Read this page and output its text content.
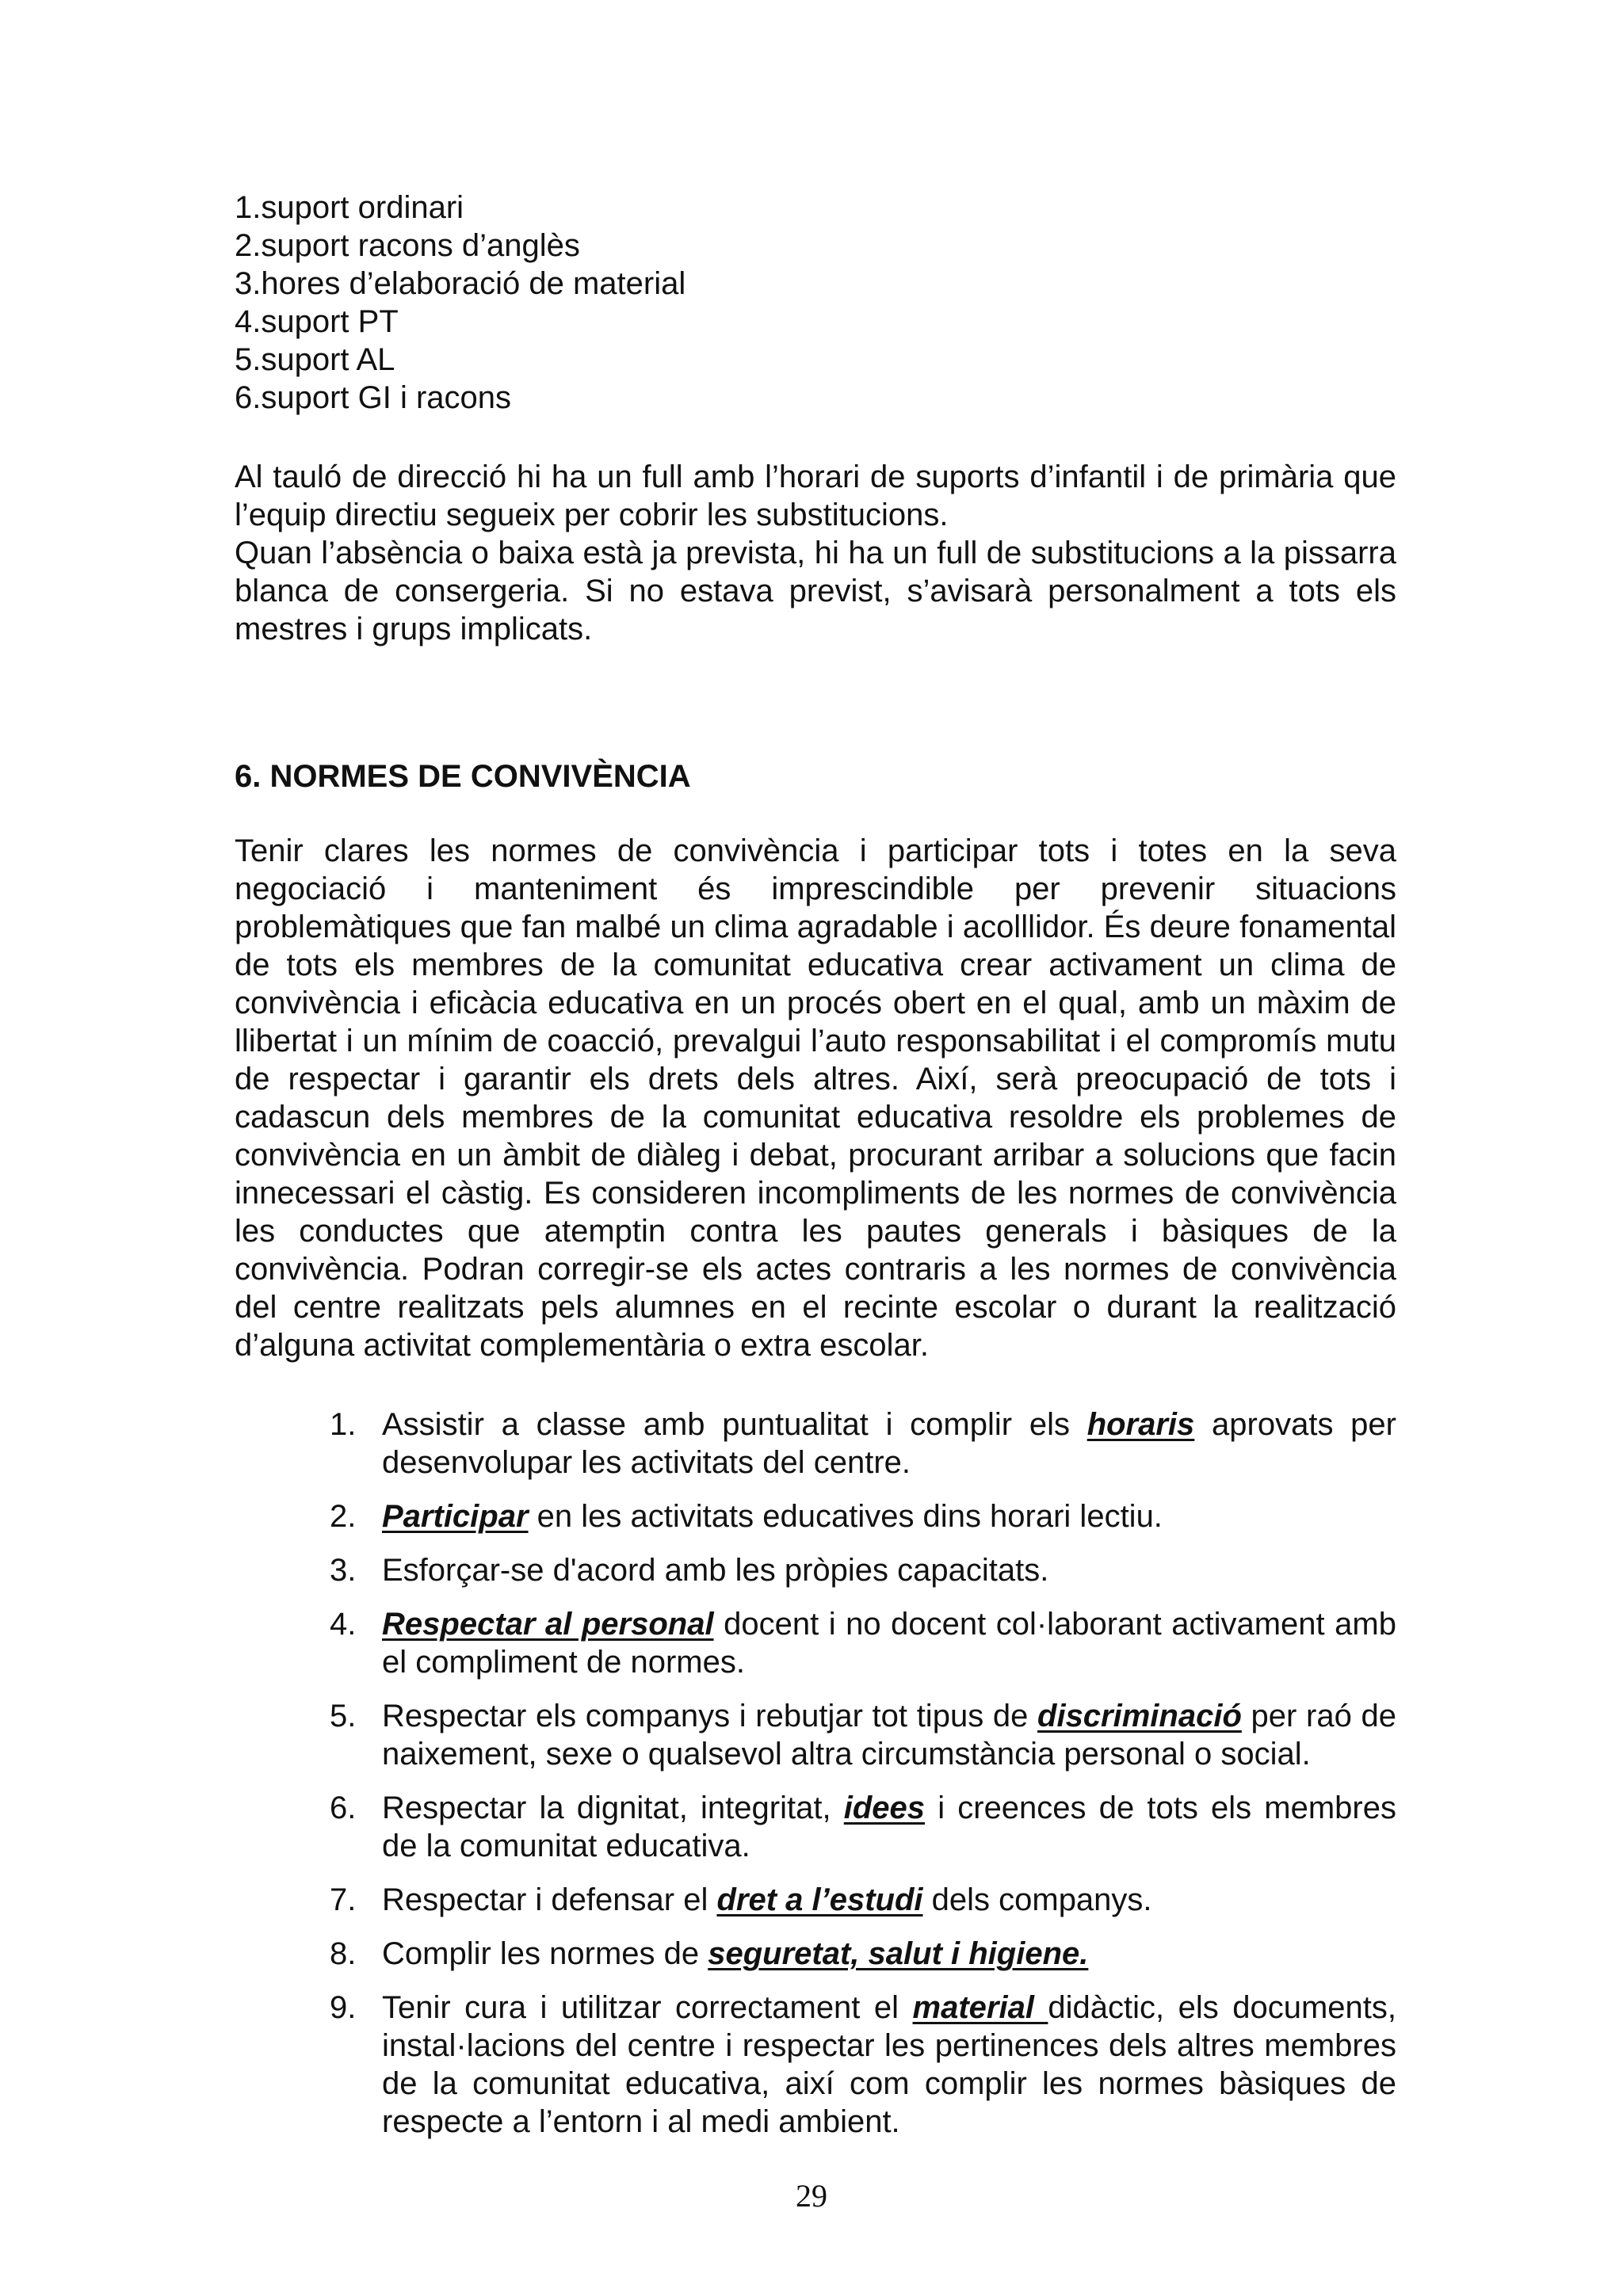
1.suport ordinari
2.suport racons d’anglès
3.hores d’elaboració de material
4.suport PT
5.suport AL
6.suport GI i racons

Al tauló de direcció hi ha un full amb l’horari de suports d’infantil i de primària que l’equip directiu segueix per cobrir les substitucions.

Quan l’absència o baixa està ja prevista, hi ha un full de substitucions a la pissarra blanca de consergeria. Si no estava previst, s’avisarà personalment a tots els mestres i grups implicats.

6. NORMES DE CONVIVÈNCIA

Tenir clares les normes de convivència i participar tots i totes en la seva negociació i manteniment és imprescindible per prevenir situacions problemàtiques que fan malbé un clima agradable i acolllidor. És deure fonamental de tots els membres de la comunitat educativa crear activament un clima de convivència i eficàcia educativa en un procés obert en el qual, amb un màxim de llibertat i un mínim de coacció, prevalgui l’auto responsabilitat i el compromís mutu de respectar i garantir els drets dels altres. Així, serà preocupació de tots i cadascun dels membres de la comunitat educativa resoldre els problemes de convivència en un àmbit de diàleg i debat, procurant arribar a solucions que facin innecessari el càstig. Es consideren incompliments de les normes de convivència les conductes que atemptin contra les pautes generals i bàsiques de la convivència. Podran corregir-se els actes contraris a les normes de convivència del centre realitzats pels alumnes en el recinte escolar o durant la realització d’alguna activitat complementària o extra escolar.

1. Assistir a classe amb puntualitat i complir els horaris aprovats per desenvolupar les activitats del centre.
2. Participar en les activitats educatives dins horari lectiu.
3. Esforçar-se d'acord amb les pròpies capacitats.
4. Respectar al personal docent i no docent col·laborant activament amb el compliment de normes.
5. Respectar els companys i rebutjar tot tipus de discriminació per raó de naixement, sexe o qualsevol altra circumstància personal o social.
6. Respectar la dignitat, integritat, idees i creences de tots els membres de la comunitat educativa.
7. Respectar i defensar el dret a l’estudi dels companys.
8. Complir les normes de seguretat, salut i higiene.
9. Tenir cura i utilitzar correctament el material didàctic, els documents, instal·lacions del centre i respectar les pertinences dels altres membres de la comunitat educativa, així com complir les normes bàsiques de respecte a l’entorn i al medi ambient.
29
